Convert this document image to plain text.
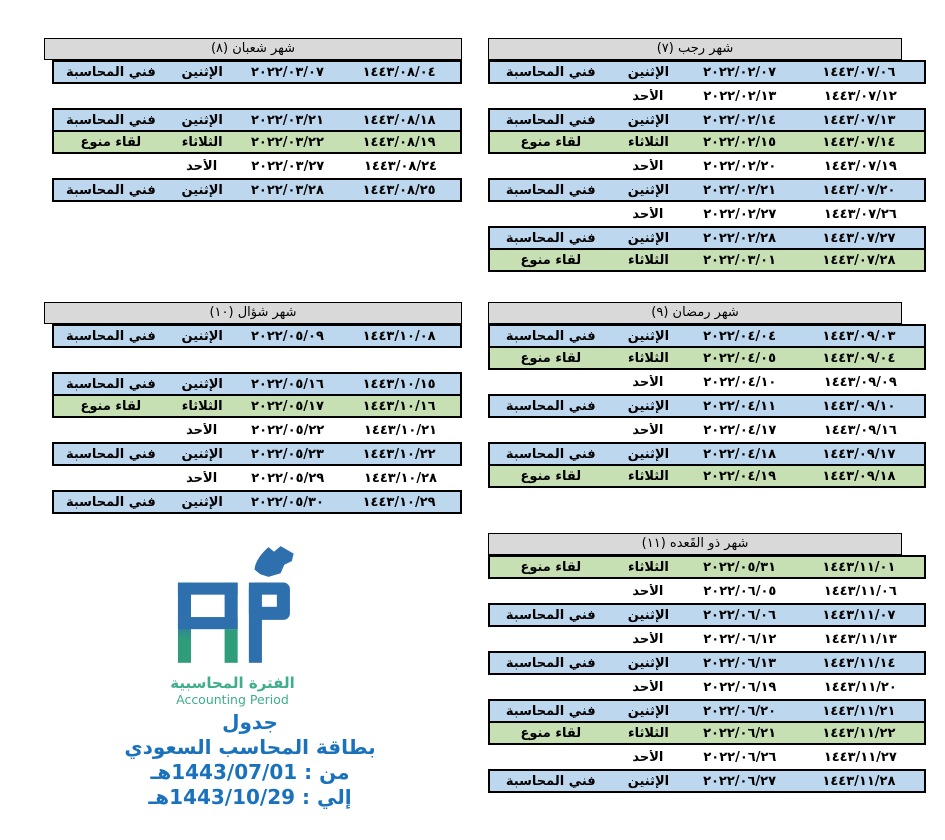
شهر رجب (٧)
١٤٤٣/٠٧/٠٦
٢٠٢٢/٠٢/٠٧
الإثنين
فني المحاسبة
١٤٤٣/٠٧/١٢
٢٠٢٢/٠٢/١٣
الأحد
١٤٤٣/٠٧/١٣
٢٠٢٢/٠٢/١٤
الإثنين
فني المحاسبة
١٤٤٣/٠٧/١٤
٢٠٢٢/٠٢/١٥
الثلاثاء
لقاء منوع
١٤٤٣/٠٧/١٩
٢٠٢٢/٠٢/٢٠
الأحد
١٤٤٣/٠٧/٢٠
٢٠٢٢/٠٢/٢١
الإثنين
فني المحاسبة
١٤٤٣/٠٧/٢٦
٢٠٢٢/٠٢/٢٧
الأحد
١٤٤٣/٠٧/٢٧
٢٠٢٢/٠٢/٢٨
الإثنين
فني المحاسبة
١٤٤٣/٠٧/٢٨
٢٠٢٢/٠٣/٠١
الثلاثاء
لقاء منوع
شهر شعبان (٨)
١٤٤٣/٠٨/٠٤
٢٠٢٢/٠٣/٠٧
الإثنين
فني المحاسبة
١٤٤٣/٠٨/١٨
٢٠٢٢/٠٣/٢١
الإثنين
فني المحاسبة
١٤٤٣/٠٨/١٩
٢٠٢٢/٠٣/٢٢
الثلاثاء
لقاء منوع
١٤٤٣/٠٨/٢٤
٢٠٢٢/٠٣/٢٧
الأحد
١٤٤٣/٠٨/٢٥
٢٠٢٢/٠٣/٢٨
الإثنين
فني المحاسبة
شهر رمضان (٩)
١٤٤٣/٠٩/٠٣
٢٠٢٢/٠٤/٠٤
الإثنين
فني المحاسبة
١٤٤٣/٠٩/٠٤
٢٠٢٢/٠٤/٠٥
الثلاثاء
لقاء منوع
١٤٤٣/٠٩/٠٩
٢٠٢٢/٠٤/١٠
الأحد
١٤٤٣/٠٩/١٠
٢٠٢٢/٠٤/١١
الإثنين
فني المحاسبة
١٤٤٣/٠٩/١٦
٢٠٢٢/٠٤/١٧
الأحد
١٤٤٣/٠٩/١٧
٢٠٢٢/٠٤/١٨
الإثنين
فني المحاسبة
١٤٤٣/٠٩/١٨
٢٠٢٢/٠٤/١٩
الثلاثاء
لقاء منوع
شهر شؤال (١٠)
١٤٤٣/١٠/٠٨
٢٠٢٢/٠٥/٠٩
الإثنين
فني المحاسبة
١٤٤٣/١٠/١٥
٢٠٢٢/٠٥/١٦
الإثنين
فني المحاسبة
١٤٤٣/١٠/١٦
٢٠٢٢/٠٥/١٧
الثلاثاء
لقاء منوع
١٤٤٣/١٠/٢١
٢٠٢٢/٠٥/٢٢
الأحد
١٤٤٣/١٠/٢٢
٢٠٢٢/٠٥/٢٣
الإثنين
فني المحاسبة
١٤٤٣/١٠/٢٨
٢٠٢٢/٠٥/٢٩
الأحد
١٤٤٣/١٠/٢٩
٢٠٢٢/٠٥/٣٠
الإثنين
فني المحاسبة
شهر ذو القَعده (١١)
١٤٤٣/١١/٠١
٢٠٢٢/٠٥/٣١
الثلاثاء
لقاء منوع
١٤٤٣/١١/٠٦
٢٠٢٢/٠٦/٠٥
الأحد
١٤٤٣/١١/٠٧
٢٠٢٢/٠٦/٠٦
الإثنين
فني المحاسبة
١٤٤٣/١١/١٣
٢٠٢٢/٠٦/١٢
الأحد
١٤٤٣/١١/١٤
٢٠٢٢/٠٦/١٣
الإثنين
فني المحاسبة
١٤٤٣/١١/٢٠
٢٠٢٢/٠٦/١٩
الأحد
١٤٤٣/١١/٢١
٢٠٢٢/٠٦/٢٠
الإثنين
فني المحاسبة
١٤٤٣/١١/٢٢
٢٠٢٢/٠٦/٢١
الثلاثاء
لقاء منوع
١٤٤٣/١١/٢٧
٢٠٢٢/٠٦/٢٦
الأحد
١٤٤٣/١١/٢٨
٢٠٢٢/٠٦/٢٧
الإثنين
فني المحاسبة
الفترة المحاسبية
Accounting Period
جدول
بطاقة المحاسب السعودي
من : 1443/07/01هـ
إلي : 1443/10/29هـ
